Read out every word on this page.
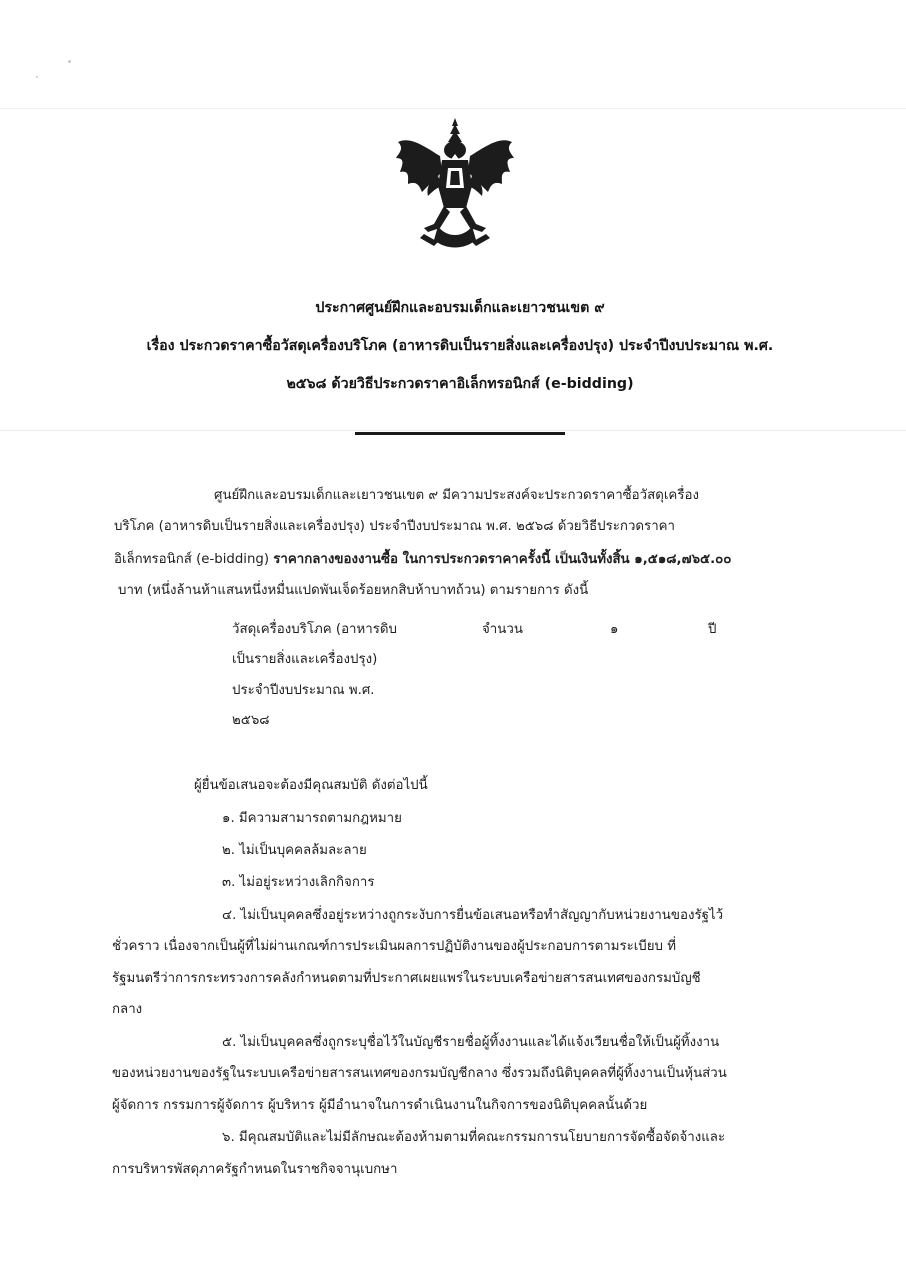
ประกาศศูนย์ฝึกและอบรมเด็กและเยาวชนเขต ๙
เรื่อง ประกวดราคาซื้อวัสดุเครื่องบริโภค (อาหารดิบเป็นรายสิ่งและเครื่องปรุง) ประจำปีงบประมาณ พ.ศ.
๒๕๖๘ ด้วยวิธีประกวดราคาอิเล็กทรอนิกส์ (e-bidding)
ศูนย์ฝึกและอบรมเด็กและเยาวชนเขต ๙ มีความประสงค์จะประกวดราคาซื้อวัสดุเครื่อง
บริโภค (อาหารดิบเป็นรายสิ่งและเครื่องปรุง) ประจำปีงบประมาณ พ.ศ. ๒๕๖๘ ด้วยวิธีประกวดราคา
อิเล็กทรอนิกส์ (e-bidding) ราคากลางของงานซื้อ ในการประกวดราคาครั้งนี้ เป็นเงินทั้งสิ้น ๑,๕๑๘,๗๖๕.๐๐
บาท (หนึ่งล้านห้าแสนหนึ่งหมื่นแปดพันเจ็ดร้อยหกสิบห้าบาทถ้วน) ตามรายการ ดังนี้
วัสดุเครื่องบริโภค (อาหารดิบ
เป็นรายสิ่งและเครื่องปรุง)
ประจำปีงบประมาณ พ.ศ.
๒๕๖๘
จำนวน	๑	ปี
ผู้ยื่นข้อเสนอจะต้องมีคุณสมบัติ ดังต่อไปนี้
๑. มีความสามารถตามกฎหมาย
๒. ไม่เป็นบุคคลล้มละลาย
๓. ไม่อยู่ระหว่างเลิกกิจการ
๔. ไม่เป็นบุคคลซึ่งอยู่ระหว่างถูกระงับการยื่นข้อเสนอหรือทำสัญญากับหน่วยงานของรัฐไว้
ชั่วคราว เนื่องจากเป็นผู้ที่ไม่ผ่านเกณฑ์การประเมินผลการปฏิบัติงานของผู้ประกอบการตามระเบียบ ที่
รัฐมนตรีว่าการกระทรวงการคลังกำหนดตามที่ประกาศเผยแพร่ในระบบเครือข่ายสารสนเทศของกรมบัญชี
กลาง
๕. ไม่เป็นบุคคลซึ่งถูกระบุชื่อไว้ในบัญชีรายชื่อผู้ทิ้งงานและได้แจ้งเวียนชื่อให้เป็นผู้ทิ้งงาน
ของหน่วยงานของรัฐในระบบเครือข่ายสารสนเทศของกรมบัญชีกลาง ซึ่งรวมถึงนิติบุคคลที่ผู้ทิ้งงานเป็นหุ้นส่วน
ผู้จัดการ กรรมการผู้จัดการ ผู้บริหาร ผู้มีอำนาจในการดำเนินงานในกิจการของนิติบุคคลนั้นด้วย
๖. มีคุณสมบัติและไม่มีลักษณะต้องห้ามตามที่คณะกรรมการนโยบายการจัดซื้อจัดจ้างและ
การบริหารพัสดุภาครัฐกำหนดในราชกิจจานุเบกษา
